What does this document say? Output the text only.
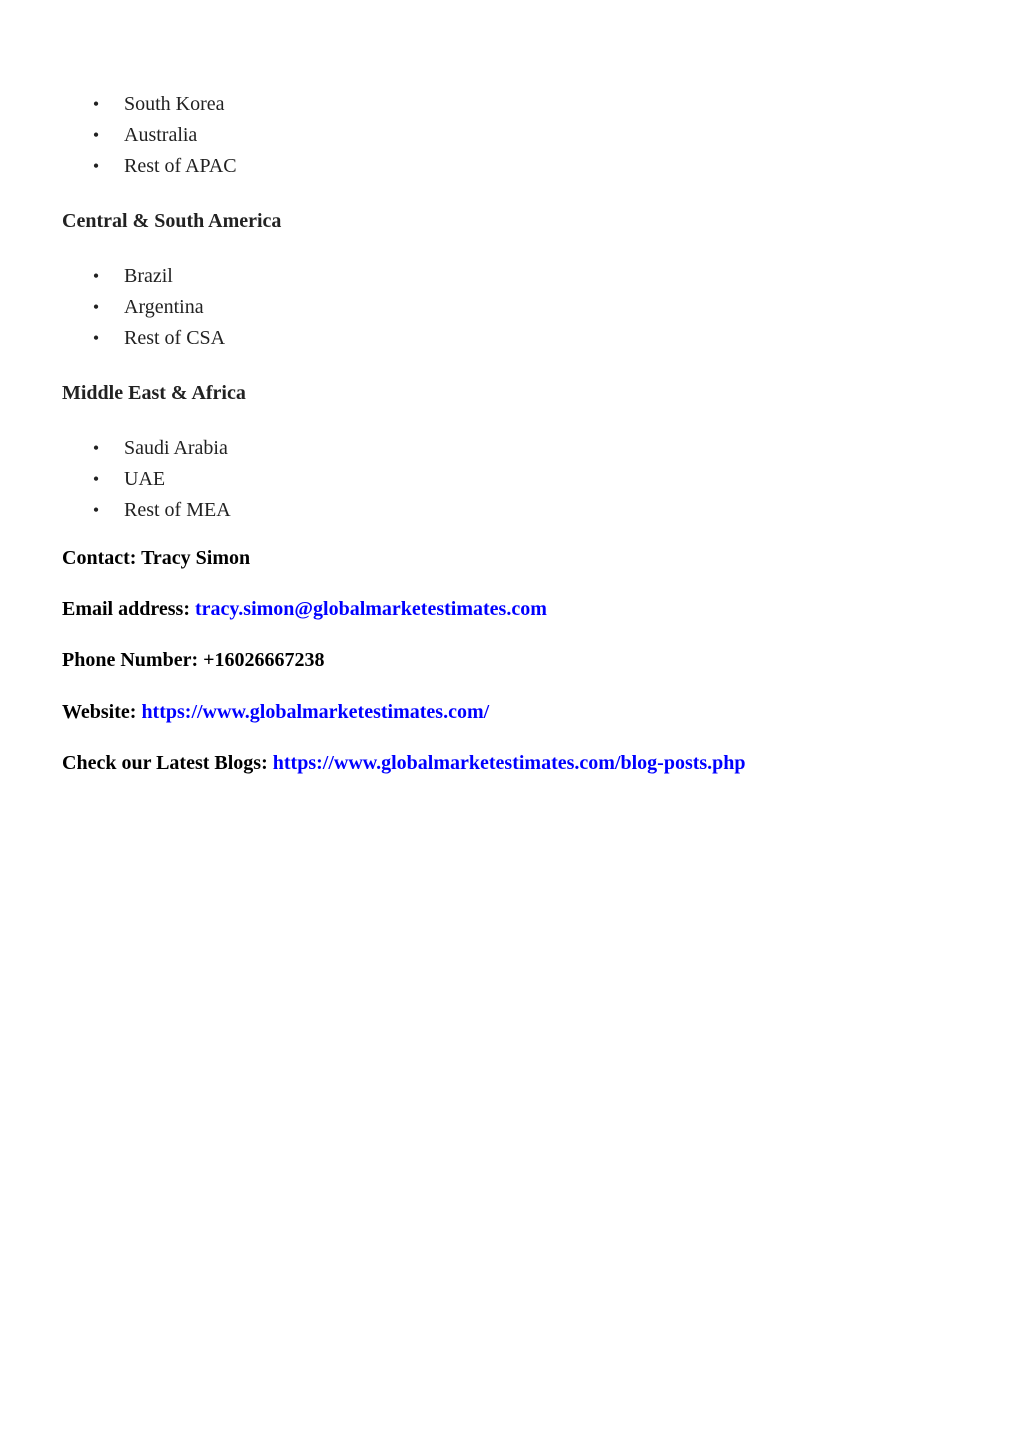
• South Korea
• Australia
• Rest of APAC
Central & South America
• Brazil
• Argentina
• Rest of CSA
Middle East & Africa
• Saudi Arabia
• UAE
• Rest of MEA
Contact: Tracy Simon
Email address: tracy.simon@globalmarketestimates.com
Phone Number: +16026667238
Website: https://www.globalmarketestimates.com/
Check our Latest Blogs: https://www.globalmarketestimates.com/blog-posts.php
